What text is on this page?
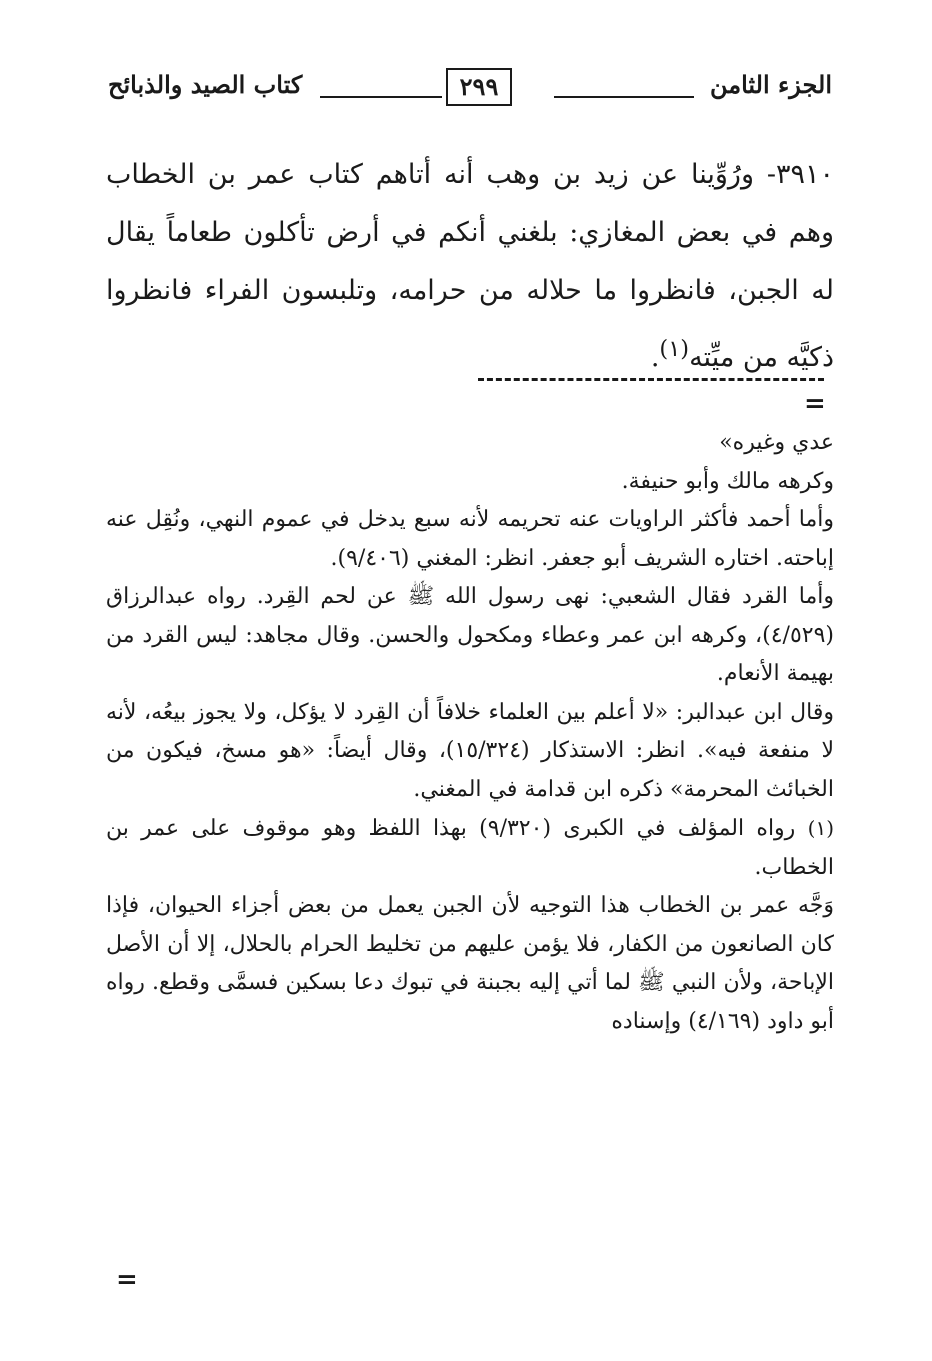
الجزء الثامن
٢٩٩
كتاب الصيد والذبائح

٣٩١٠- ورُوِّينا عن زيد بن وهب أنه أتاهم كتاب عمر بن الخطاب وهم في بعض المغازي: بلغني أنكم في أرض تأكلون طعاماً يقال له الجبن، فانظروا ما حلاله من حرامه، وتلبسون الفراء فانظروا ذكيَّه من ميِّته$^{(١)}$.

=

عدي وغيره»

وكرهه مالك وأبو حنيفة.

وأما أحمد فأكثر الراويات عنه تحريمه لأنه سبع يدخل في عموم النهي، ونُقِل عنه إباحته. اختاره الشريف أبو جعفر. انظر: المغني (٩/٤٠٦).

وأما القرد فقال الشعبي: نهى رسول الله ﷺ عن لحم القِرد. رواه عبدالرزاق (٤/٥٢٩)، وكرهه ابن عمر وعطاء ومكحول والحسن. وقال مجاهد: ليس القرد من بهيمة الأنعام.

وقال ابن عبدالبر: «لا أعلم بين العلماء خلافاً أن القِرد لا يؤكل، ولا يجوز بيعُه، لأنه لا منفعة فيه». انظر: الاستذكار (١٥/٣٢٤)، وقال أيضاً: «هو مسخ، فيكون من الخبائث المحرمة» ذكره ابن قدامة في المغني.

(١) رواه المؤلف في الكبرى (٩/٣٢٠) بهذا اللفظ وهو موقوف على عمر بن الخطاب.

وَجَّه عمر بن الخطاب هذا التوجيه لأن الجبن يعمل من بعض أجزاء الحيوان، فإذا كان الصانعون من الكفار، فلا يؤمن عليهم من تخليط الحرام بالحلال، إلا أن الأصل الإباحة، ولأن النبي ﷺ لما أتي إليه بجبنة في تبوك دعا بسكين فسمَّى وقطع. رواه أبو داود (٤/١٦٩) وإسناده

=
